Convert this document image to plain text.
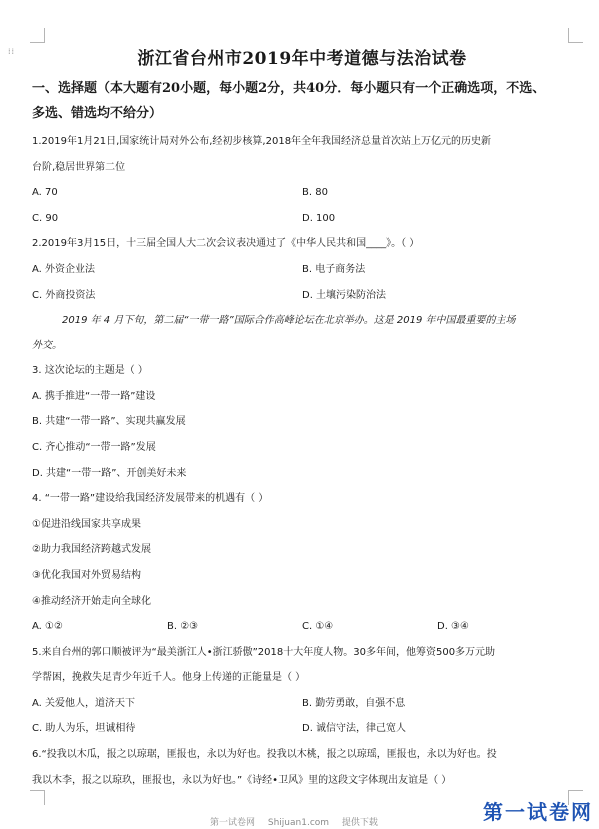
⁞⁞	浙江省台州市2019年中考道德与法治试卷
一、选择题（本大题有20小题，每小题2分，共40分．每小题只有一个正确选项，不选、
多选、错选均不给分）
1.2019年1月21日,国家统计局对外公布,经初步核算,2018年全年我国经济总量首次站上万亿元的历史新
台阶,稳居世界第二位
A. 70	B. 80
C. 90	D. 100
2.2019年3月15日，十三届全国人大二次会议表决通过了《中华人民共和国____》。（ ）
A. 外资企业法	B. 电子商务法
C. 外商投资法	D. 土壤污染防治法
2019 年 4 月下旬，第二届“一带一路”国际合作高峰论坛在北京举办。这是 2019 年中国最重要的主场
外交。
3. 这次论坛的主题是（ ）
A. 携手推进“一带一路”建设
B. 共建“一带一路”、实现共赢发展
C. 齐心推动“一带一路”发展
D. 共建“一带一路”、开创美好未来
4. “一带一路”建设给我国经济发展带来的机遇有（ ）
①促进沿线国家共享成果
②助力我国经济跨越式发展
③优化我国对外贸易结构
④推动经济开始走向全球化
A. ①②	B. ②③	C. ①④	D. ③④
5.来自台州的郭口顺被评为“最美浙江人•浙江骄傲”2018十大年度人物。30多年间，他筹资500多万元助
学帮困，挽救失足青少年近千人。他身上传递的正能量是（ ）
A. 关爱他人，道济天下	B. 勤劳勇敢，自强不息
C. 助人为乐，坦诚相待	D. 诚信守法，律己宽人
6.“投我以木瓜，报之以琼琚，匪报也，永以为好也。投我以木桃，报之以琼瑶，匪报也，永以为好也。投
我以木李，报之以琼玖，匪报也，永以为好也。”《诗经•卫风》里的这段文字体现出友谊是（ ）
第一试卷网 Shijuan1.com 提供下载	第一试卷网
